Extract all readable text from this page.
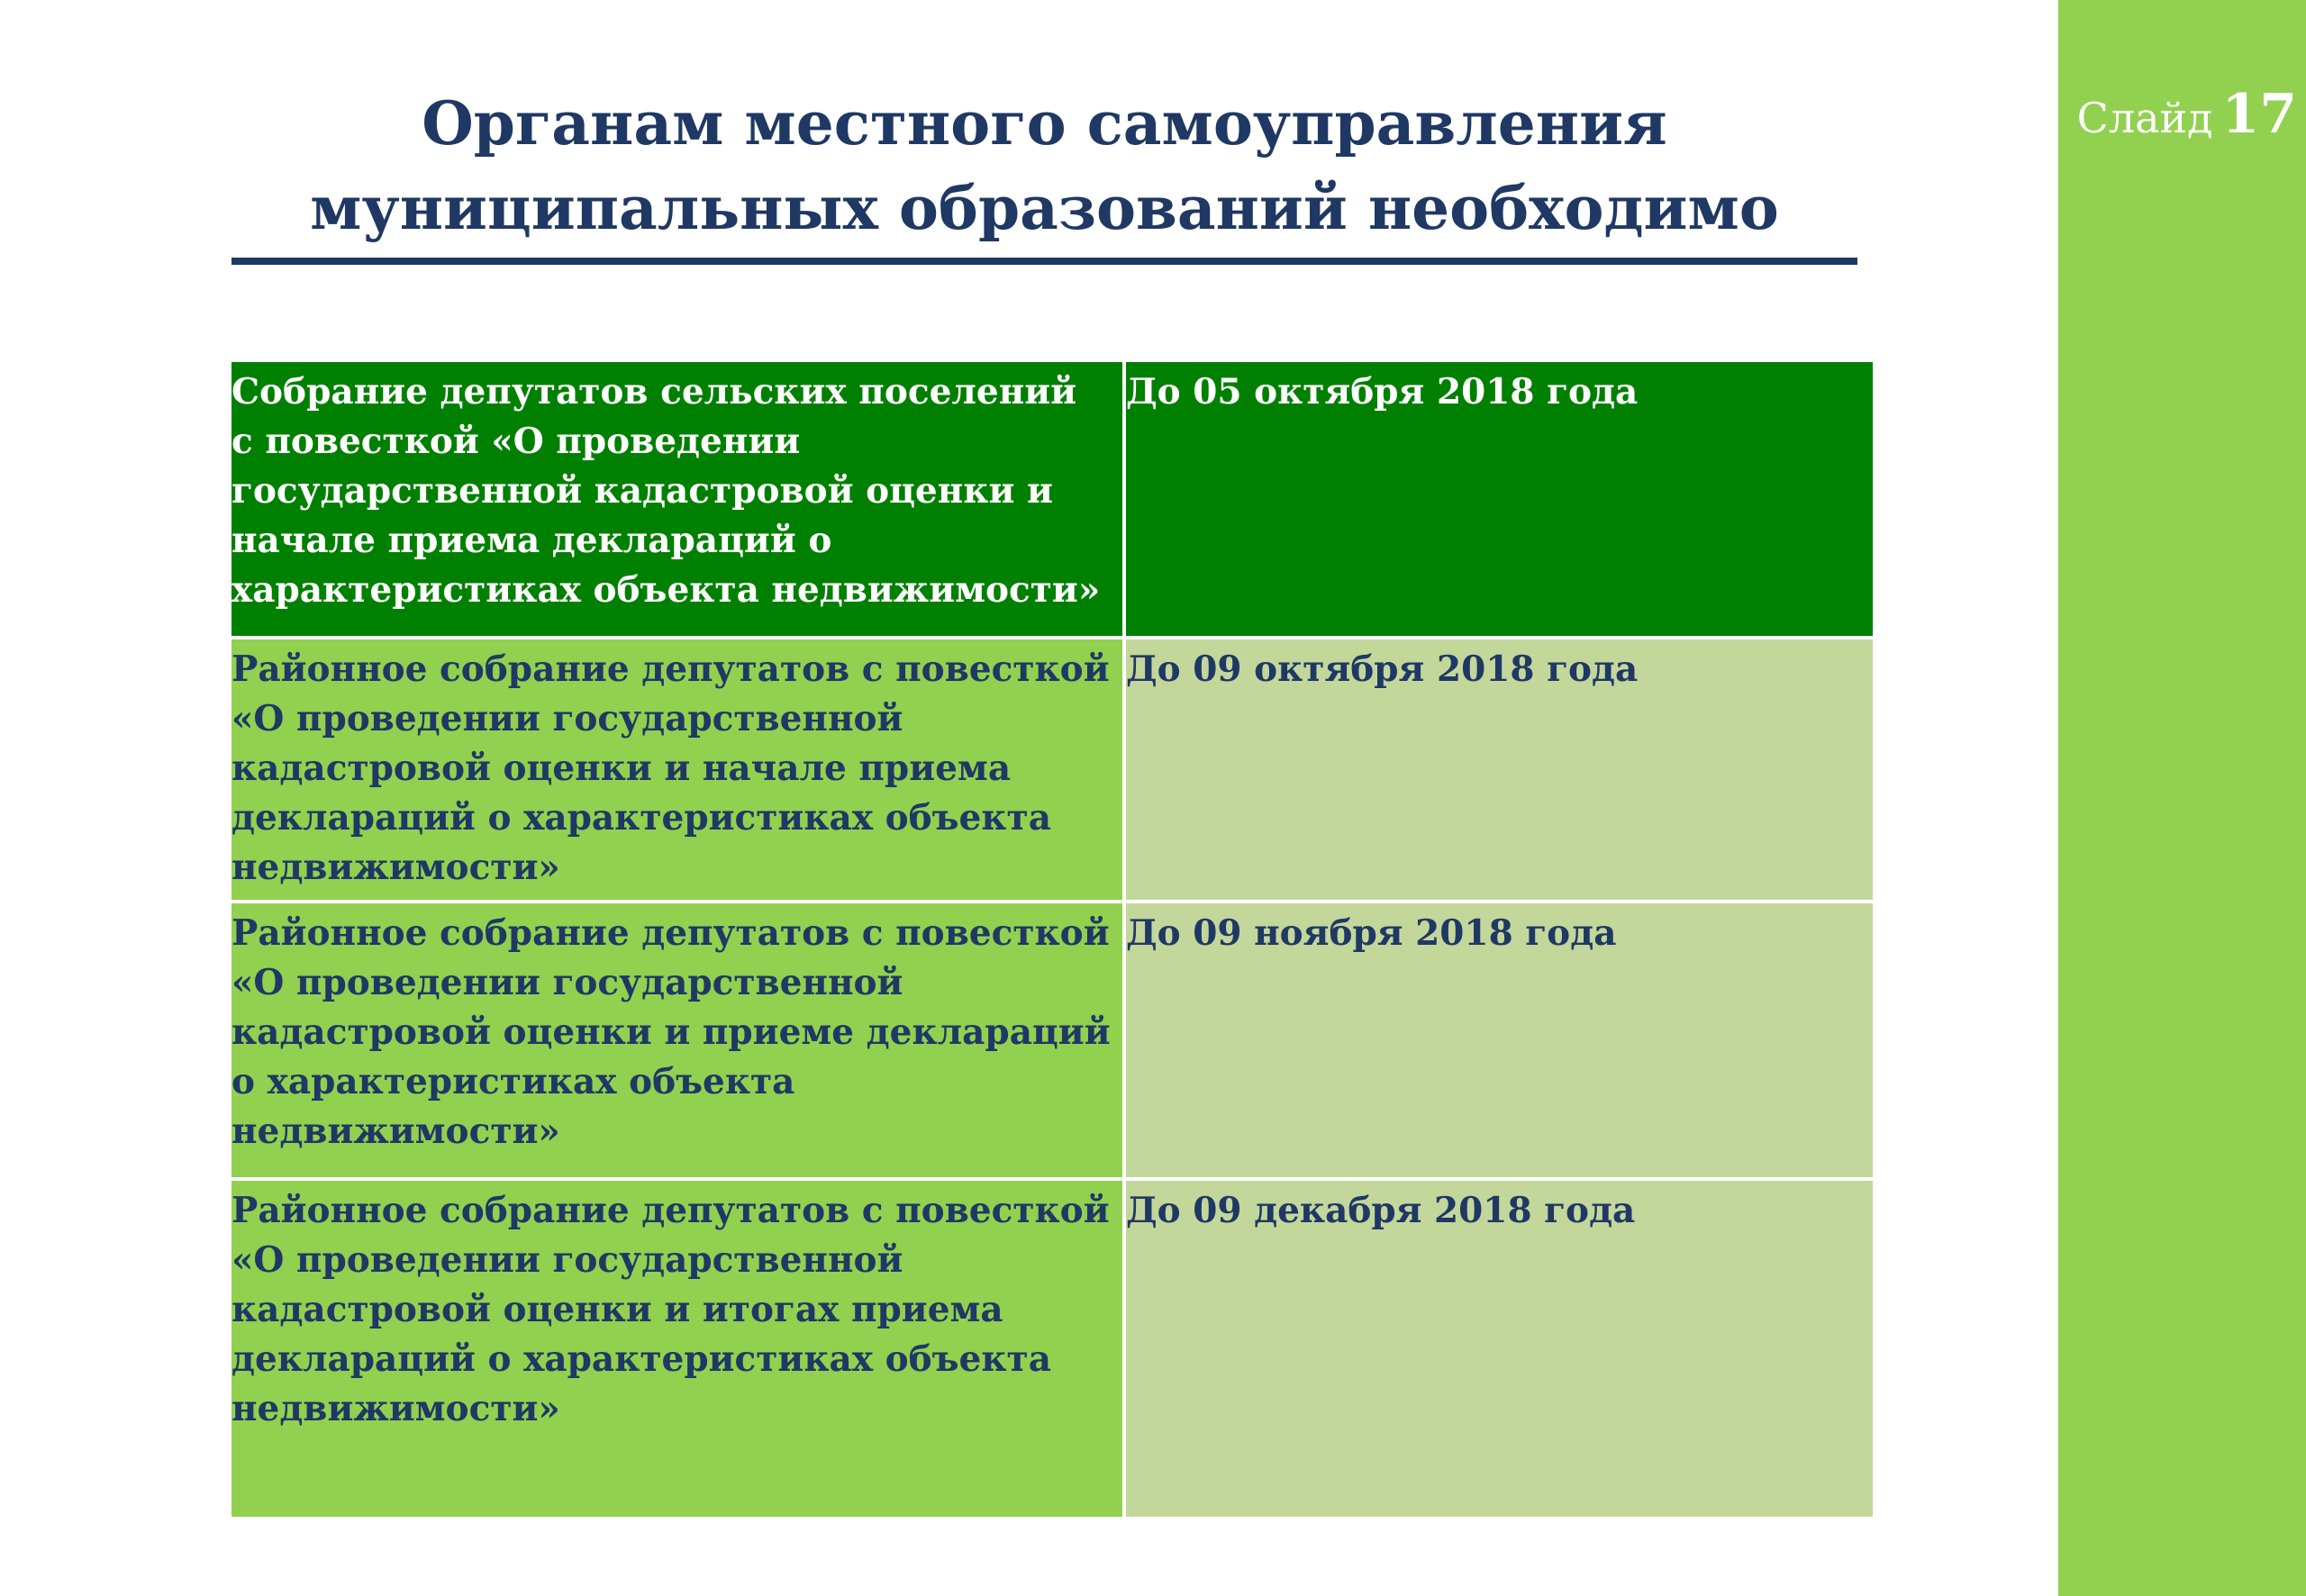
Слайд 17
Органам местного самоуправления
муниципальных образований необходимо
Собрание депутатов сельских поселений
с повесткой «О проведении
государственной кадастровой оценки и
начале приема деклараций о
характеристиках объекта недвижимости»
До 05 октября 2018 года
Районное собрание депутатов с повесткой
«О проведении государственной
кадастровой оценки и начале приема
деклараций о характеристиках объекта
недвижимости»
До 09 октября 2018 года
Районное собрание депутатов с повесткой
«О проведении государственной
кадастровой оценки и приеме деклараций
о характеристиках объекта недвижимости»
До 09 ноября 2018 года
Районное собрание депутатов с повесткой
«О проведении государственной
кадастровой оценки и итогах приема
деклараций о характеристиках объекта
недвижимости»
До 09 декабря 2018 года
